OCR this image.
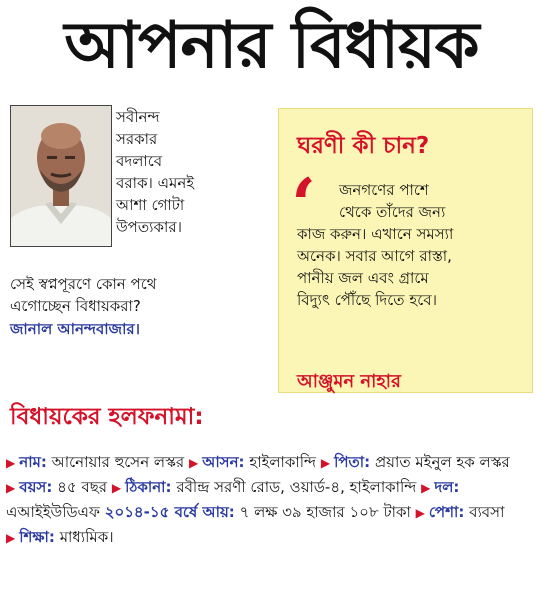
আপনার বিধায়ক
সবীনন্দ
সরকার
বদলাবে
বরাক। এমনই
আশা গোটা
উপত্যকার।
সেই স্বপ্নপূরণে কোন পথে
এগোচ্ছেন বিধায়করা?
জানাল আনন্দবাজার।
ঘরণী কী চান?
‘	জনগণের পাশে
থেকে তাঁদের জন্য
কাজ করুন। এখানে সমস্যা
অনেক। সবার আগে রাস্তা,
পানীয় জল এবং গ্রামে
বিদ্যুৎ পৌঁছে দিতে হবে।
আঞ্জুমন নাহার
বিধায়কের হলফনামা:
▶ নাম: আনোয়ার হুসেন লস্কর ▶ আসন: হাইলাকান্দি ▶ পিতা: প্রয়াত মইনুল হক লস্কর ▶ বয়স: ৪৫ বছর ▶ ঠিকানা: রবীন্দ্র সরণী রোড, ওয়ার্ড-৪, হাইলাকান্দি ▶ দল: এআইইউডিএফ ২০১৪-১৫ বর্ষে আয়: ৭ লক্ষ ৩৯ হাজার ১০৮ টাকা ▶ পেশা: ব্যবসা ▶ শিক্ষা: মাধ্যমিক।
